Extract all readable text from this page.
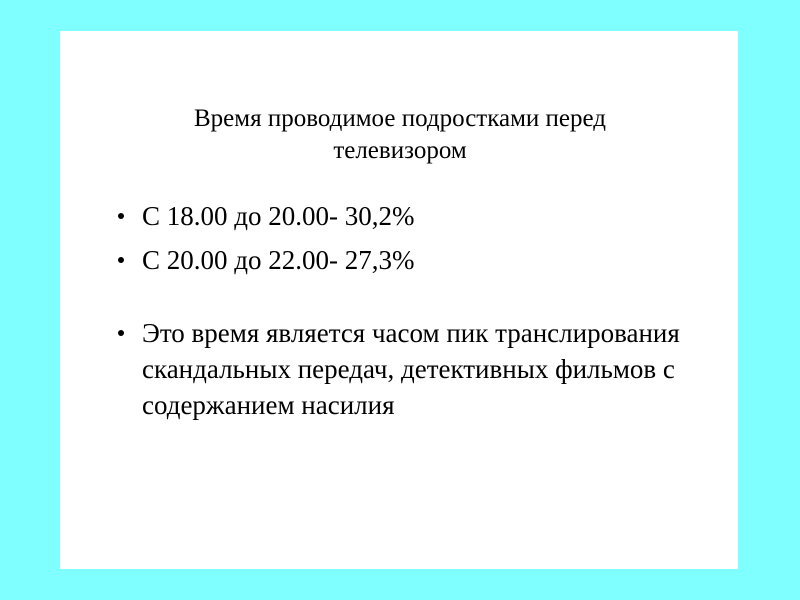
Время проводимое подростками перед телевизором
С 18.00 до 20.00- 30,2%
С 20.00 до 22.00- 27,3%
Это время является часом пик транслирования скандальных передач, детективных фильмов с содержанием насилия
